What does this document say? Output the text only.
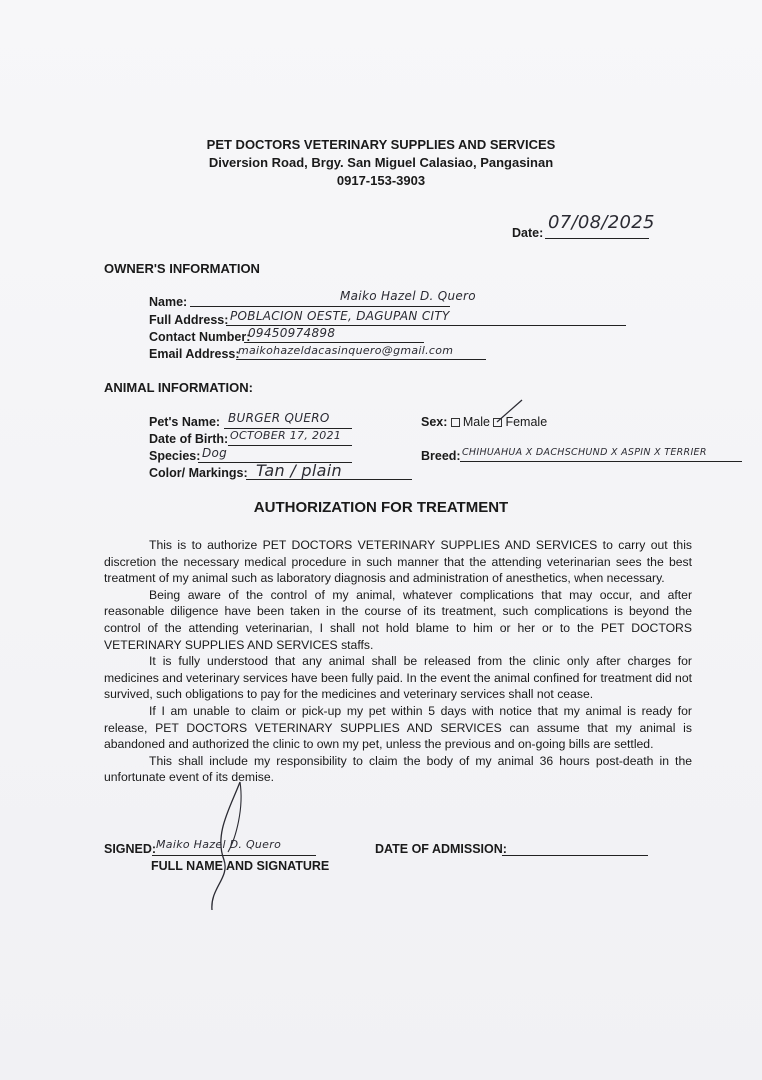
PET DOCTORS VETERINARY SUPPLIES AND SERVICES
Diversion Road, Brgy. San Miguel Calasiao, Pangasinan
0917-153-3903
Date: 07/08/2025
OWNER'S INFORMATION
Name:	Maiko Hazel D. Quero
Full Address: POBLACION OESTE, DAGUPAN CITY
Contact Number:
09450974898
Email Address:
maikohazeldacasinquero@gmail.com
ANIMAL INFORMATION:
Pet's Name: BURGER QUERO
Date of Birth: OCTOBER 17, 2021
Species: Dog
Color/ Markings: Tan / plain
Sex: Male Female
Breed: CHIHUAHUA X DACHSCHUND X ASPIN X TERRIER
AUTHORIZATION FOR TREATMENT

This is to authorize PET DOCTORS VETERINARY SUPPLIES AND SERVICES to carry out this discretion the necessary medical procedure in such manner that the attending veterinarian sees the best treatment of my animal such as laboratory diagnosis and administration of anesthetics, when necessary.

Being aware of the control of my animal, whatever complications that may occur, and after reasonable diligence have been taken in the course of its treatment, such complications is beyond the control of the attending veterinarian, I shall not hold blame to him or her or to the PET DOCTORS VETERINARY SUPPLIES AND SERVICES staffs.

It is fully understood that any animal shall be released from the clinic only after charges for medicines and veterinary services have been fully paid. In the event the animal confined for treatment did not survived, such obligations to pay for the medicines and veterinary services shall not cease.

If I am unable to claim or pick-up my pet within 5 days with notice that my animal is ready for release, PET DOCTORS VETERINARY SUPPLIES AND SERVICES can assume that my animal is abandoned and authorized the clinic to own my pet, unless the previous and on-going bills are settled.

This shall include my responsibility to claim the body of my animal 36 hours post-death in the unfortunate event of its demise.

SIGNED: Maiko Hazel D. Quero
FULL NAME AND SIGNATURE
DATE OF ADMISSION:
